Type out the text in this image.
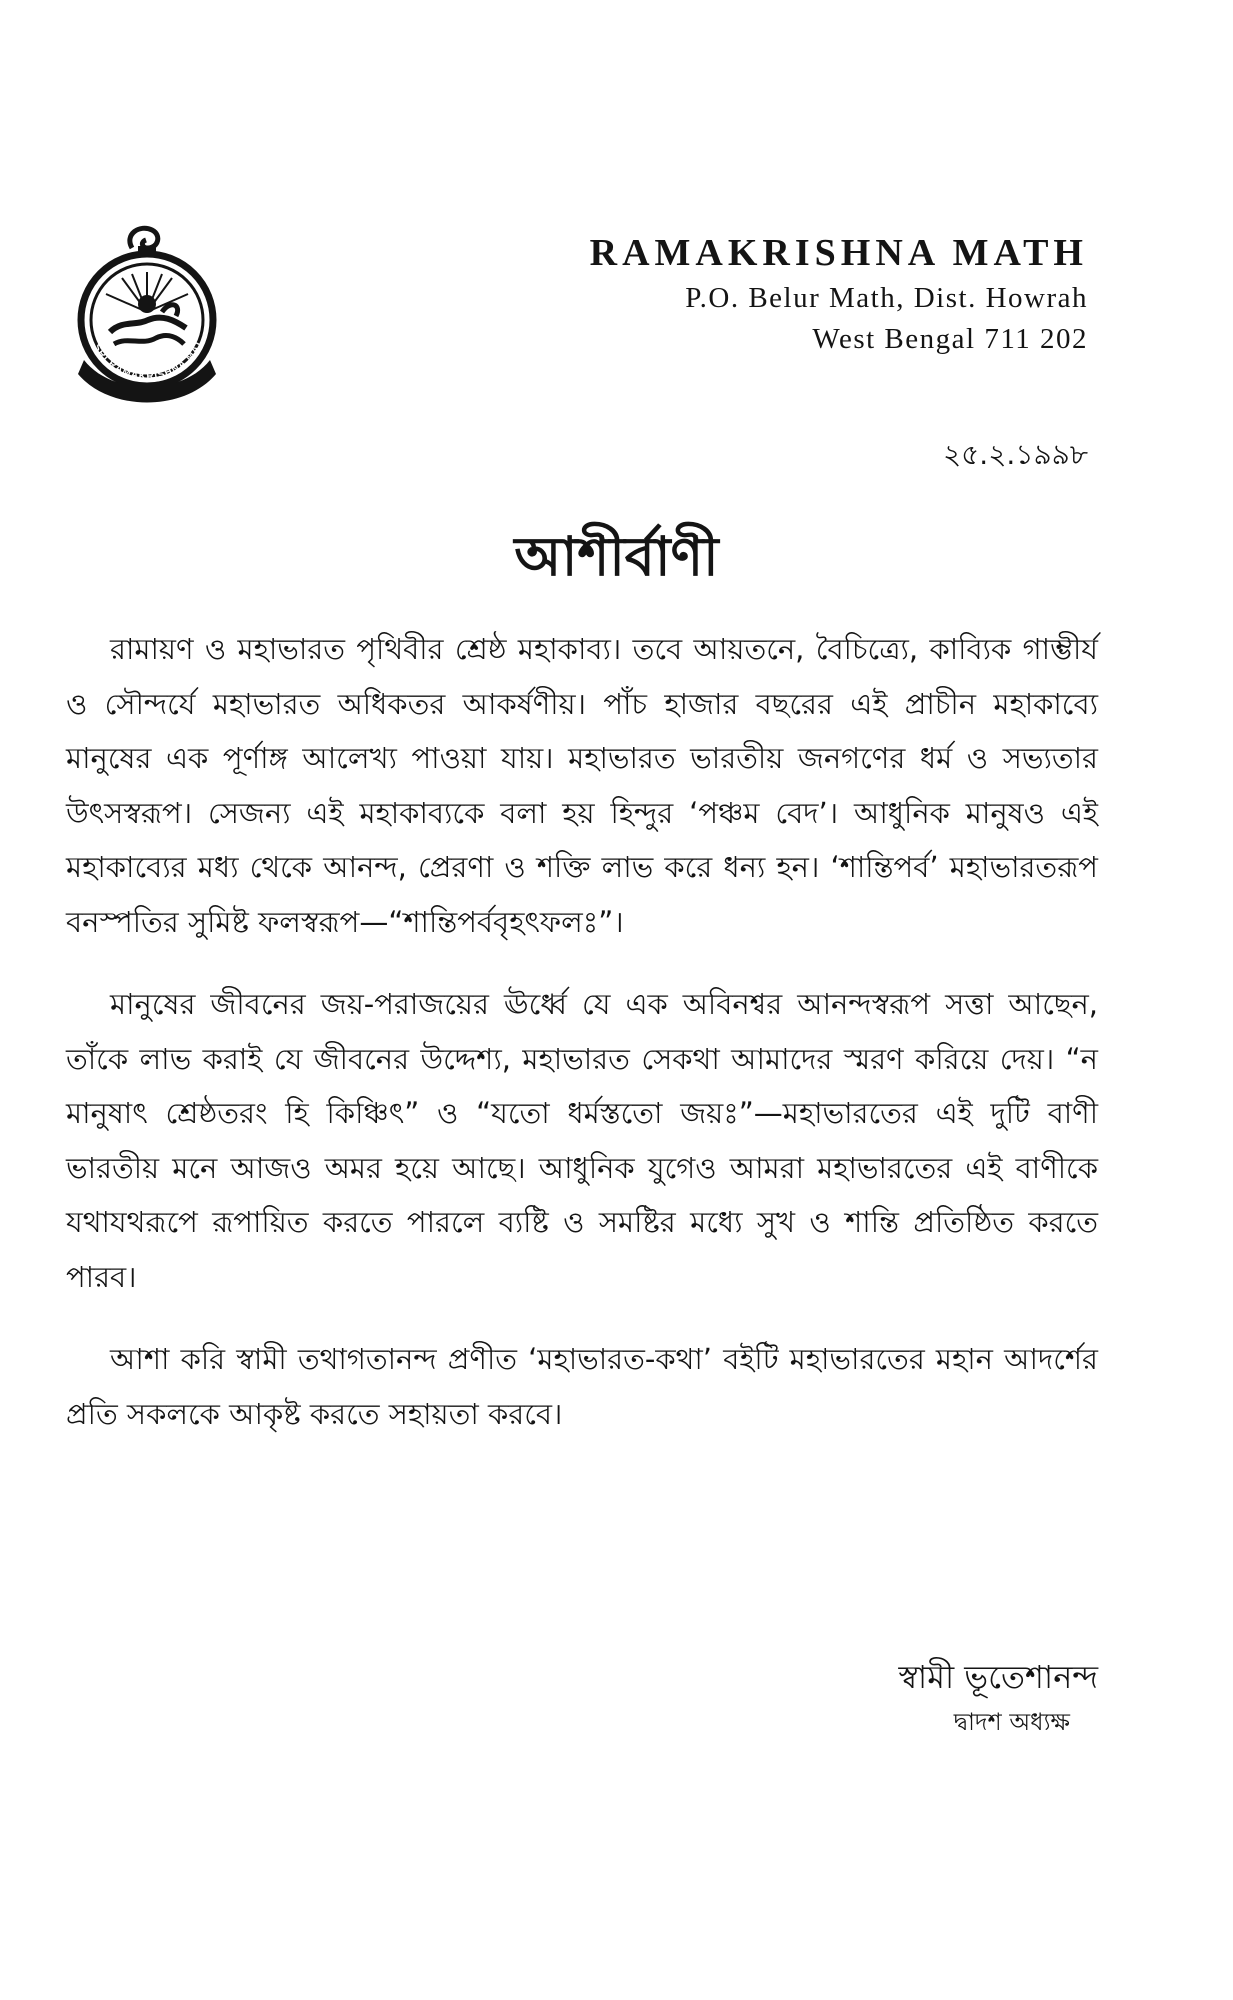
SRI RAMAKRISHNA MAT
RAMAKRISHNA MATH
P.O. Belur Math, Dist. Howrah
West Bengal 711 202
২৫.২.১৯৯৮
আশীর্বাণী

রামায়ণ ও মহাভারত পৃথিবীর শ্রেষ্ঠ মহাকাব্য। তবে আয়তনে, বৈচিত্র্যে, কাব্যিক গাম্ভীর্য ও সৌন্দর্যে মহাভারত অধিকতর আকর্ষণীয়। পাঁচ হাজার বছরের এই প্রাচীন মহাকাব্যে মানুষের এক পূর্ণাঙ্গ আলেখ্য পাওয়া যায়। মহাভারত ভারতীয় জনগণের ধর্ম ও সভ্যতার উৎসস্বরূপ। সেজন্য এই মহাকাব্যকে বলা হয় হিন্দুর ‘পঞ্চম বেদ’। আধুনিক মানুষও এই মহাকাব্যের মধ্য থেকে আনন্দ, প্রেরণা ও শক্তি লাভ করে ধন্য হন। ‘শান্তিপর্ব’ মহাভারতরূপ বনস্পতির সুমিষ্ট ফলস্বরূপ—“শান্তিপর্ববৃহৎফলঃ”।

মানুষের জীবনের জয়-পরাজয়ের ঊর্ধ্বে যে এক অবিনশ্বর আনন্দস্বরূপ সত্তা আছেন, তাঁকে লাভ করাই যে জীবনের উদ্দেশ্য, মহাভারত সেকথা আমাদের স্মরণ করিয়ে দেয়। “ন মানুষাৎ শ্রেষ্ঠতরং হি কিঞ্চিৎ” ও “যতো ধর্মস্ততো জয়ঃ”—মহাভারতের এই দুটি বাণী ভারতীয় মনে আজও অমর হয়ে আছে। আধুনিক যুগেও আমরা মহাভারতের এই বাণীকে যথাযথরূপে রূপায়িত করতে পারলে ব্যষ্টি ও সমষ্টির মধ্যে সুখ ও শান্তি প্রতিষ্ঠিত করতে পারব।

আশা করি স্বামী তথাগতানন্দ প্রণীত ‘মহাভারত-কথা’ বইটি মহাভারতের মহান আদর্শের প্রতি সকলকে আকৃষ্ট করতে সহায়তা করবে।

স্বামী ভূতেশানন্দ
দ্বাদশ অধ্যক্ষ
